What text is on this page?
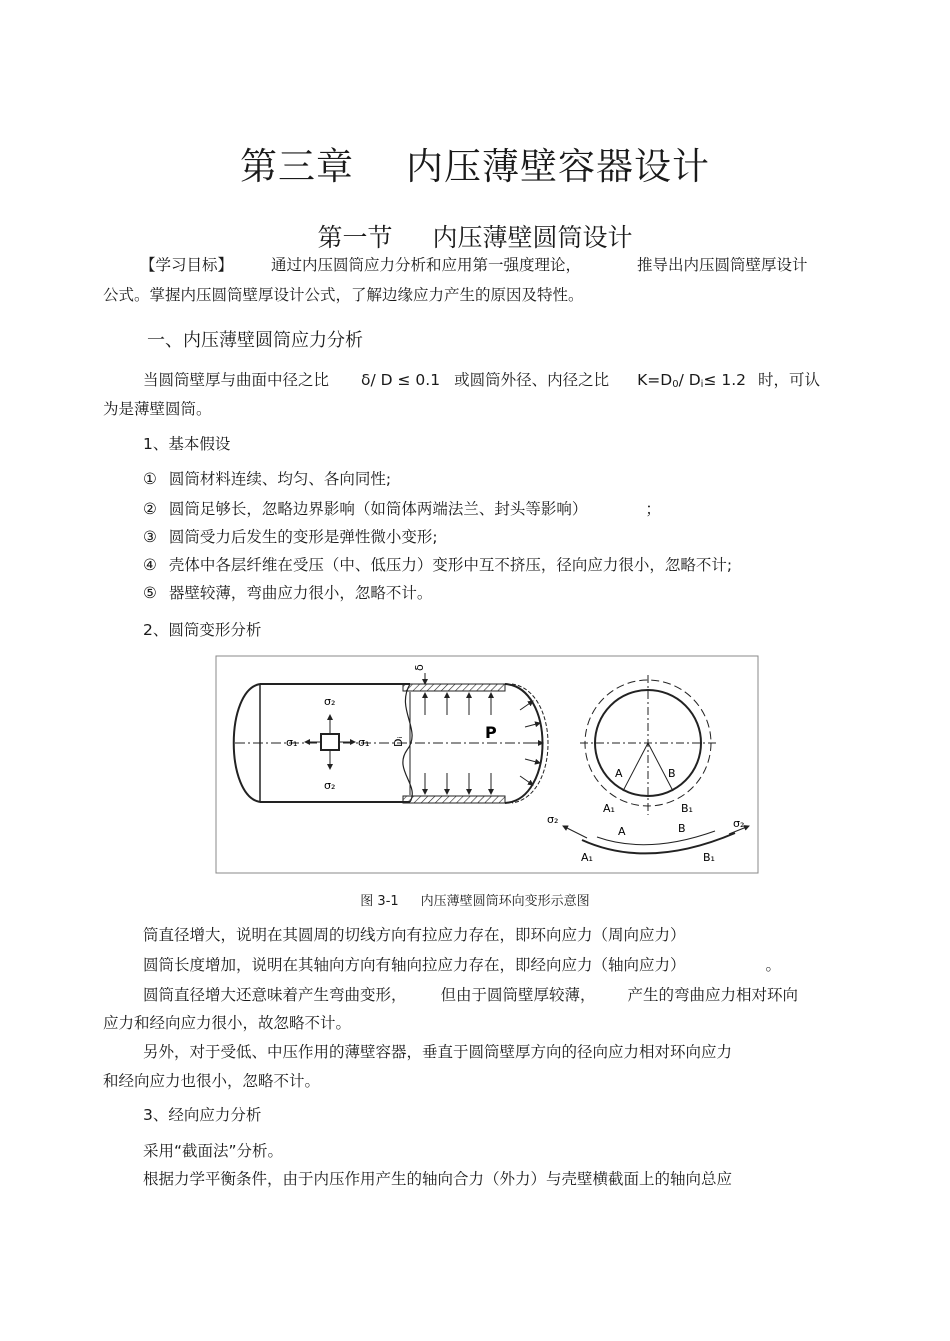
第三章 内压薄壁容器设计
第一节 内压薄壁圆筒设计
【学习目标】 通过内压圆筒应力分析和应用第一强度理论，	推导出内压圆筒壁厚设计
公式。掌握内压圆筒壁厚设计公式，了解边缘应力产生的原因及特性。
一、内压薄壁圆筒应力分析
当圆筒壁厚与曲面中径之比 δ/ D ≤ 0.1 或圆筒外径、内径之比 $K=D_0/$ $D_i\le 1.2$ 时，可认
为是薄壁圆筒。
1、基本假设
① 圆筒材料连续、均匀、各向同性;
② 圆筒足够长，忽略边界影响（如筒体两端法兰、封头等影响）	；
③ 圆筒受力后发生的变形是弹性微小变形;
④ 壳体中各层纤维在受压（中、低压力）变形中互不挤压，径向应力很小，忽略不计;
⑤ 器壁较薄，弯曲应力很小，忽略不计。
2、圆筒变形分析
δ
Dᵢ	P
σ₂
σ₁	σ₁
σ₂
A	B
A₁	B₁
σ₂	σ₂
A	B
A₁	B₁
图 3-1 内压薄壁圆筒环向变形示意图
筒直径增大，说明在其圆周的切线方向有拉应力存在，即环向应力（周向应力）
圆筒长度增加，说明在其轴向方向有轴向拉应力存在，即经向应力（轴向应力）	。
圆筒直径增大还意味着产生弯曲变形， 但由于圆筒壁厚较薄， 产生的弯曲应力相对环向
应力和经向应力很小，故忽略不计。
另外，对于受低、中压作用的薄壁容器，垂直于圆筒壁厚方向的径向应力相对环向应力
和经向应力也很小，忽略不计。
3、经向应力分析
采用“截面法”分析。
根据力学平衡条件，由于内压作用产生的轴向合力（外力）与壳壁横截面上的轴向总应
